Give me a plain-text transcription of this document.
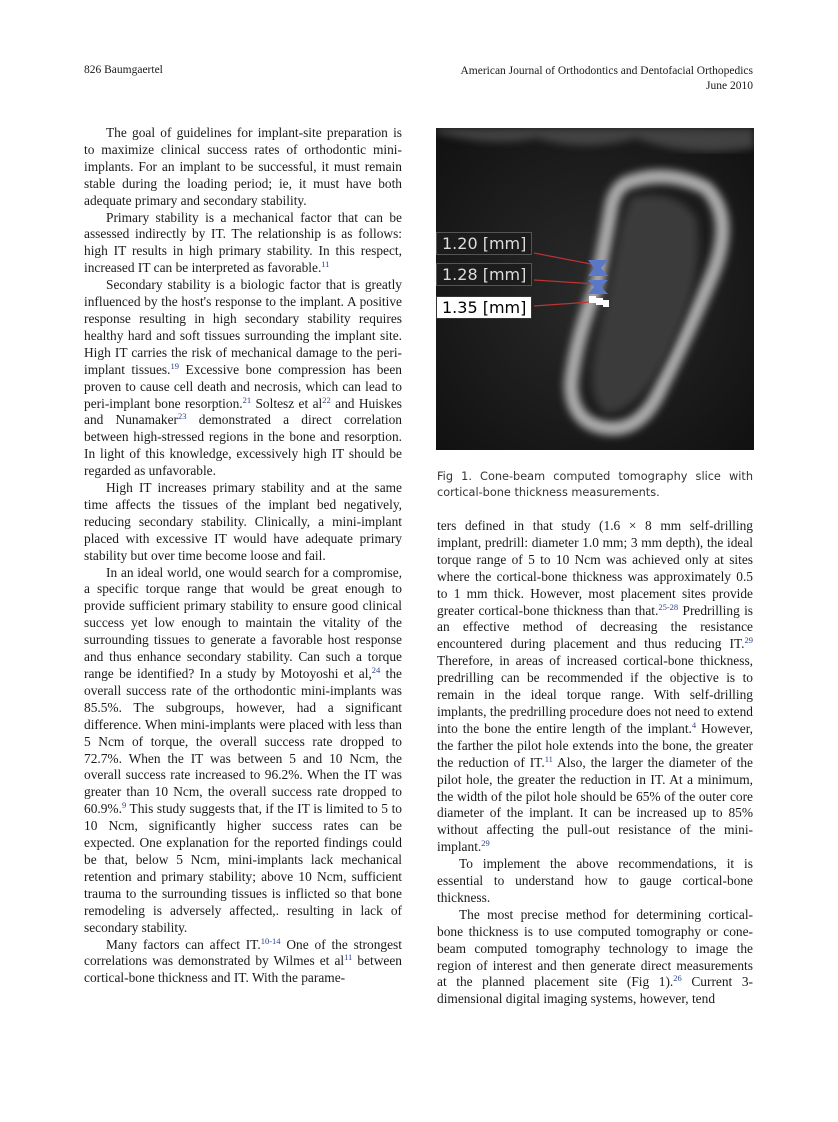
826 Baumgaertel	American Journal of Orthodontics and Dentofacial Orthopedics
June 2010

The goal of guidelines for implant-site preparation is to maximize clinical success rates of orthodontic mini-implants. For an implant to be successful, it must remain stable during the loading period; ie, it must have both adequate primary and secondary stability.

Primary stability is a mechanical factor that can be assessed indirectly by IT. The relationship is as follows: high IT results in high primary stability. In this respect, increased IT can be interpreted as favorable.$^{11}$

Secondary stability is a biologic factor that is greatly influenced by the host's response to the implant. A positive response resulting in high secondary stability requires healthy hard and soft tissues surrounding the implant site. High IT carries the risk of mechanical damage to the peri-implant tissues.$^{19}$ Excessive bone compression has been proven to cause cell death and necrosis, which can lead to peri-implant bone resorption.$^{21}$ Soltesz et $al^{22}$ and Huiskes and Nunamaker$^{23}$ demonstrated a direct correlation between high-stressed regions in the bone and resorption. In light of this knowledge, excessively high IT should be regarded as unfavorable.

High IT increases primary stability and at the same time affects the tissues of the implant bed negatively, reducing secondary stability. Clinically, a mini-implant placed with excessive IT would have adequate primary stability but over time become loose and fail.

In an ideal world, one would search for a compromise, a specific torque range that would be great enough to provide sufficient primary stability to ensure good clinical success yet low enough to maintain the vitality of the surrounding tissues to generate a favorable host response and thus enhance secondary stability. Can such a torque range be identified? In a study by Motoyoshi et al,$^{24}$ the overall success rate of the orthodontic mini-implants was 85.5%. The subgroups, however, had a significant difference. When mini-implants were placed with less than 5 Ncm of torque, the overall success rate dropped to 72.7%. When the IT was between 5 and 10 Ncm, the overall success rate increased to 96.2%. When the IT was greater than 10 Ncm, the overall success rate dropped to 60.9%.$^9$ This study suggests that, if the IT is limited to 5 to 10 Ncm, significantly higher success rates can be expected. One explanation for the reported findings could be that, below 5 Ncm, mini-implants lack mechanical retention and primary stability; above 10 Ncm, sufficient trauma to the surrounding tissues is inflicted so that bone remodeling is adversely affected,. resulting in lack of secondary stability.

Many factors can affect IT.$^{10-14}$ One of the strongest correlations was demonstrated by Wilmes et $al^{11}$ between cortical-bone thickness and IT. With the parame-

1.20 [mm]
1.28 [mm]
1.35 [mm]
Fig 1. Cone-beam computed tomography slice with cortical-bone thickness measurements.

ters defined in that study (1.6 × 8 mm self-drilling implant, predrill: diameter 1.0 mm; 3 mm depth), the ideal torque range of 5 to 10 Ncm was achieved only at sites where the cortical-bone thickness was approximately 0.5 to 1 mm thick. However, most placement sites provide greater cortical-bone thickness than that.$^{25-28}$ Predrilling is an effective method of decreasing the resistance encountered during placement and thus reducing IT.$^{29}$ Therefore, in areas of increased cortical-bone thickness, predrilling can be recommended if the objective is to remain in the ideal torque range. With self-drilling implants, the predrilling procedure does not need to extend into the bone the entire length of the implant.$^4$ However, the farther the pilot hole extends into the bone, the greater the reduction of IT.$^{11}$ Also, the larger the diameter of the pilot hole, the greater the reduction in IT. At a minimum, the width of the pilot hole should be 65% of the outer core diameter of the implant. It can be increased up to 85% without affecting the pull-out resistance of the mini-implant.$^{29}$

To implement the above recommendations, it is essential to understand how to gauge cortical-bone thickness.

The most precise method for determining cortical-bone thickness is to use computed tomography or cone-beam computed tomography technology to image the region of interest and then generate direct measurements at the planned placement site (Fig 1).$^{26}$ Current 3-dimensional digital imaging systems, however, tend
